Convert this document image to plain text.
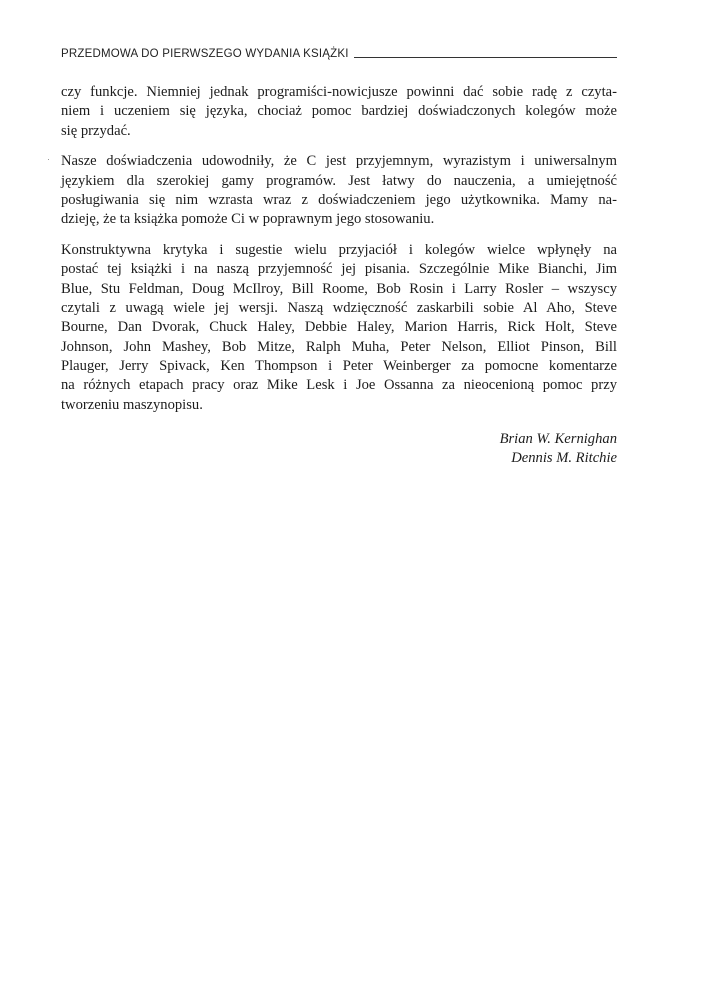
PRZEDMOWA DO PIERWSZEGO WYDANIA KSIĄŻKI
czy funkcje. Niemniej jednak programiści-nowicjusze powinni dać sobie radę z czyta-
niem i uczeniem się języka, chociaż pomoc bardziej doświadczonych kolegów może
się przydać.
Nasze doświadczenia udowodniły, że C jest przyjemnym, wyrazistym i uniwersalnym
językiem dla szerokiej gamy programów. Jest łatwy do nauczenia, a umiejętność
posługiwania się nim wzrasta wraz z doświadczeniem jego użytkownika. Mamy na-
dzieję, że ta książka pomoże Ci w poprawnym jego stosowaniu.
Konstruktywna krytyka i sugestie wielu przyjaciół i kolegów wielce wpłynęły na
postać tej książki i na naszą przyjemność jej pisania. Szczególnie Mike Bianchi, Jim
Blue, Stu Feldman, Doug McIlroy, Bill Roome, Bob Rosin i Larry Rosler – wszyscy
czytali z uwagą wiele jej wersji. Naszą wdzięczność zaskarbili sobie Al Aho, Steve
Bourne, Dan Dvorak, Chuck Haley, Debbie Haley, Marion Harris, Rick Holt, Steve
Johnson, John Mashey, Bob Mitze, Ralph Muha, Peter Nelson, Elliot Pinson, Bill
Plauger, Jerry Spivack, Ken Thompson i Peter Weinberger za pomocne komentarze
na różnych etapach pracy oraz Mike Lesk i Joe Ossanna za nieocenioną pomoc przy
tworzeniu maszynopisu.
Brian W. Kernighan
Dennis M. Ritchie
